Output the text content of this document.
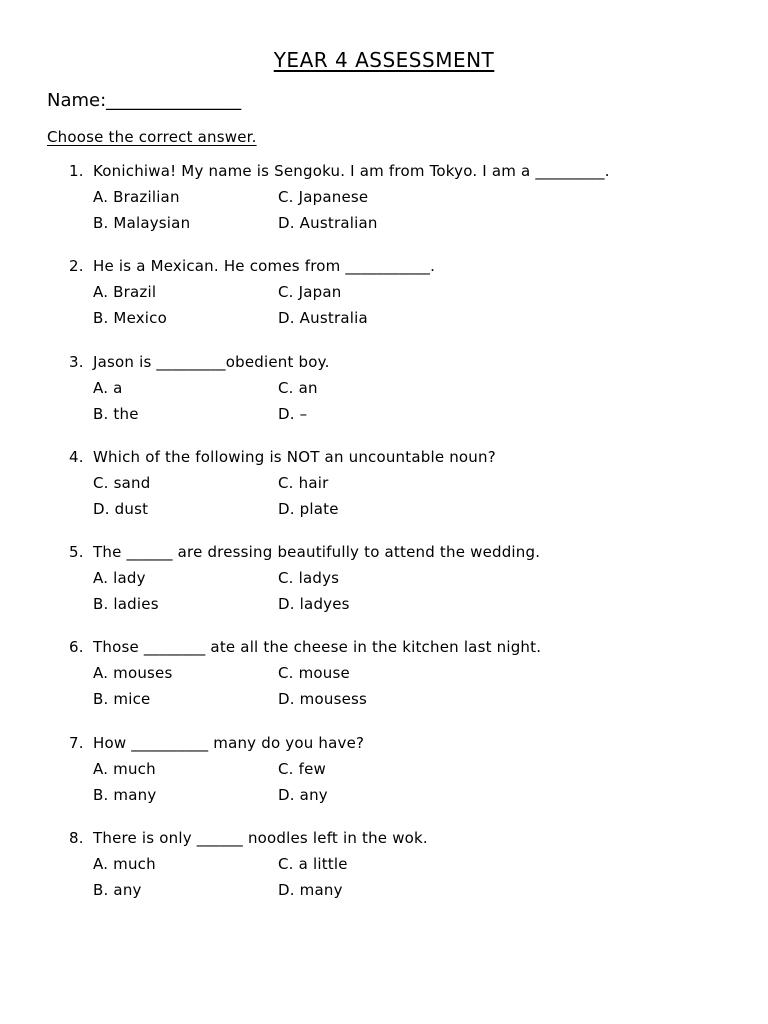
YEAR 4 ASSESSMENT
Name:_______________
Choose the correct answer.
1. Konichiwa! My name is Sengoku. I am from Tokyo. I am a _________.
A. Brazilian	C. Japanese
B. Malaysian	D. Australian
2. He is a Mexican. He comes from ___________.
A. Brazil	C. Japan
B. Mexico	D. Australia
3. Jason is _________obedient boy.
A. a	C. an
B. the	D. –
4. Which of the following is NOT an uncountable noun?
C. sand	C. hair
D. dust	D. plate
5. The ______ are dressing beautifully to attend the wedding.
A. lady	C. ladys
B. ladies	D. ladyes
6. Those ________ ate all the cheese in the kitchen last night.
A. mouses	C. mouse
B. mice	D. mousess
7. How __________ many do you have?
A. much	C. few
B. many	D. any
8. There is only ______ noodles left in the wok.
A. much	C. a little
B. any	D. many
